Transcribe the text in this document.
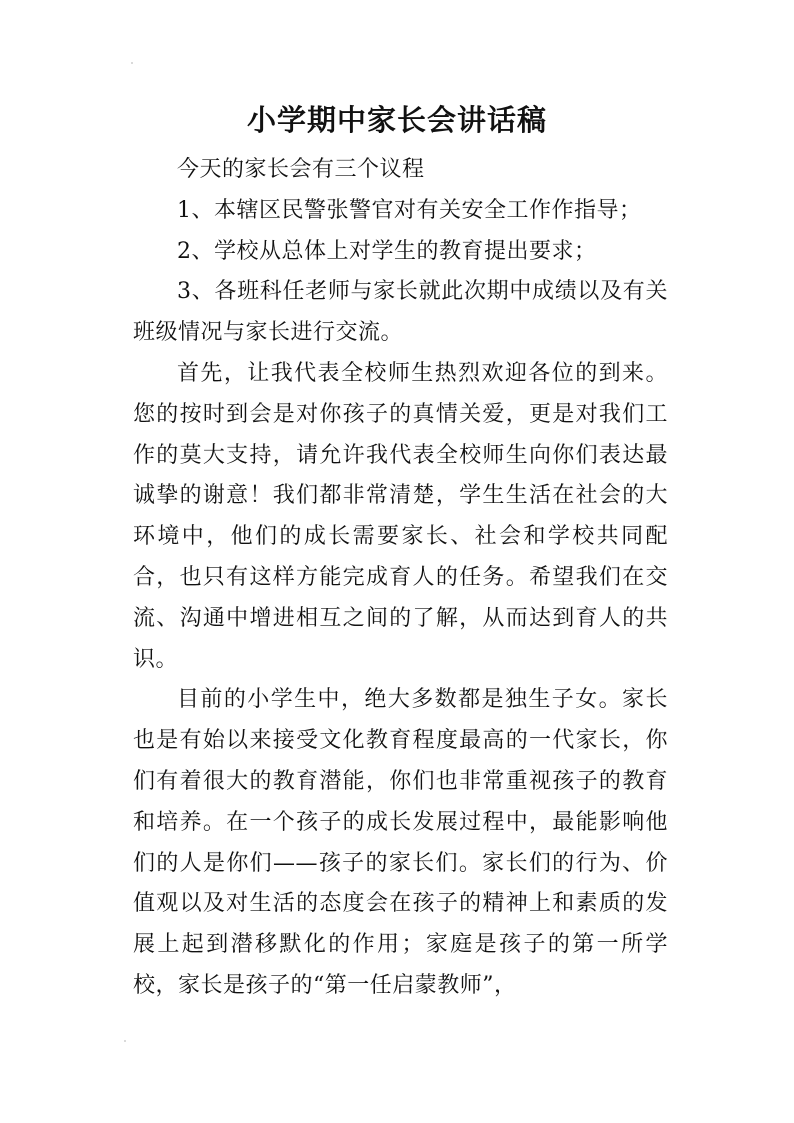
小学期中家长会讲话稿

今天的家长会有三个议程

1、本辖区民警张警官对有关安全工作作指导；

2、学校从总体上对学生的教育提出要求；

3、各班科任老师与家长就此次期中成绩以及有关班级情况与家长进行交流。

首先，让我代表全校师生热烈欢迎各位的到来。您的按时到会是对你孩子的真情关爱，更是对我们工作的莫大支持，请允许我代表全校师生向你们表达最诚挚的谢意！我们都非常清楚，学生生活在社会的大环境中，他们的成长需要家长、社会和学校共同配合，也只有这样方能完成育人的任务。希望我们在交流、沟通中增进相互之间的了解，从而达到育人的共识。

目前的小学生中，绝大多数都是独生子女。家长也是有始以来接受文化教育程度最高的一代家长，你们有着很大的教育潜能，你们也非常重视孩子的教育和培养。在一个孩子的成长发展过程中，最能影响他们的人是你们——孩子的家长们。家长们的行为、价值观以及对生活的态度会在孩子的精神上和素质的发展上起到潜移默化的作用；家庭是孩子的第一所学校，家长是孩子的“第一任启蒙教师”，
